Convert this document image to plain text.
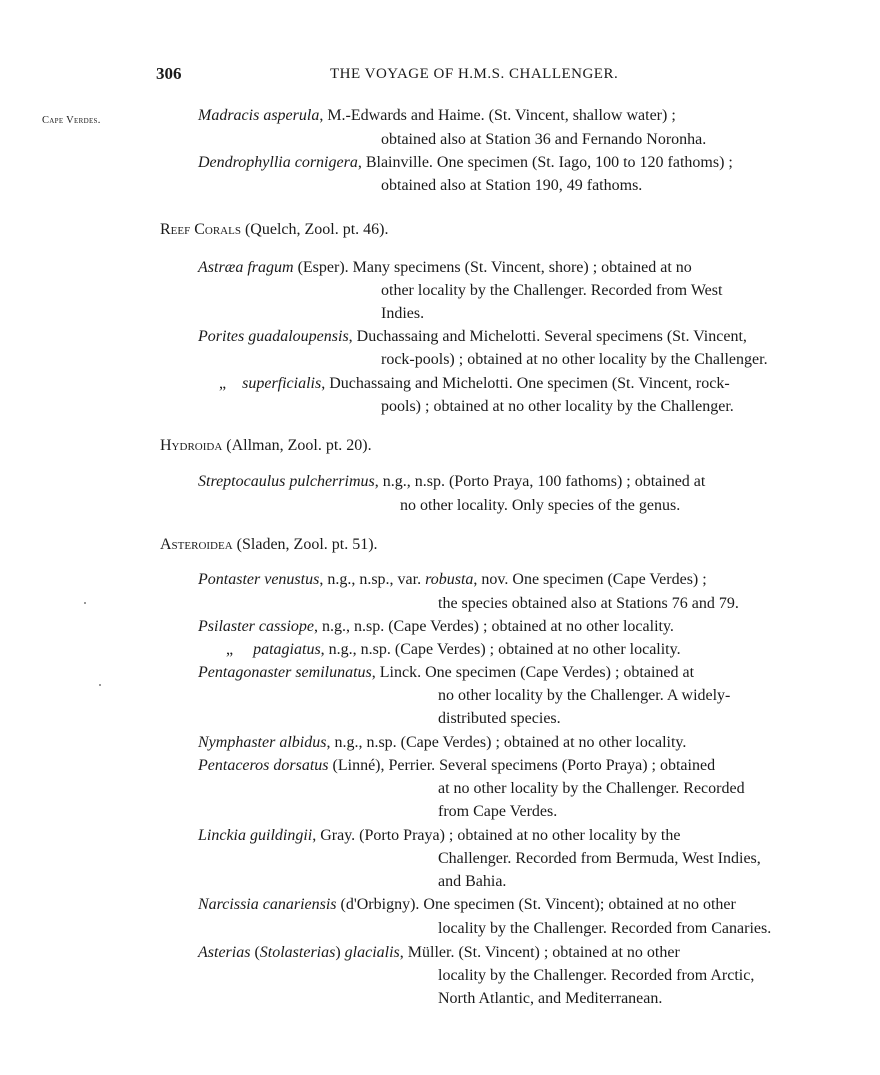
306	THE VOYAGE OF H.M.S. CHALLENGER.
Cape Verdes.	Madracis asperula, M.-Edwards and Haime. (St. Vincent, shallow water) ;
obtained also at Station 36 and Fernando Noronha.
Dendrophyllia cornigera, Blainville. One specimen (St. Iago, 100 to 120 fathoms) ;
obtained also at Station 190, 49 fathoms.
Reef Corals (Quelch, Zool. pt. 46).
Astræa fragum (Esper). Many specimens (St. Vincent, shore) ; obtained at no
other locality by the Challenger. Recorded from West
Indies.
Porites guadaloupensis, Duchassaing and Michelotti. Several specimens (St. Vincent,
rock-pools) ; obtained at no other locality by the Challenger.
„ superficialis, Duchassaing and Michelotti. One specimen (St. Vincent, rock-
pools) ; obtained at no other locality by the Challenger.
Hydroida (Allman, Zool. pt. 20).
Streptocaulus pulcherrimus, n.g., n.sp. (Porto Praya, 100 fathoms) ; obtained at
no other locality. Only species of the genus.
Asteroidea (Sladen, Zool. pt. 51).
Pontaster venustus, n.g., n.sp., var. robusta, nov. One specimen (Cape Verdes) ;
the species obtained also at Stations 76 and 79.
Psilaster cassiope, n.g., n.sp. (Cape Verdes) ; obtained at no other locality.
„ patagiatus, n.g., n.sp. (Cape Verdes) ; obtained at no other locality.
Pentagonaster semilunatus, Linck. One specimen (Cape Verdes) ; obtained at
no other locality by the Challenger. A widely-
distributed species.
Nymphaster albidus, n.g., n.sp. (Cape Verdes) ; obtained at no other locality.
Pentaceros dorsatus (Linné), Perrier. Several specimens (Porto Praya) ; obtained
at no other locality by the Challenger. Recorded
from Cape Verdes.
Linckia guildingii, Gray. (Porto Praya) ; obtained at no other locality by the
Challenger. Recorded from Bermuda, West Indies,
and Bahia.
Narcissia canariensis (d'Orbigny). One specimen (St. Vincent); obtained at no other
locality by the Challenger. Recorded from Canaries.
Asterias (Stolasterias) glacialis, Müller. (St. Vincent) ; obtained at no other
locality by the Challenger. Recorded from Arctic,
North Atlantic, and Mediterranean.
